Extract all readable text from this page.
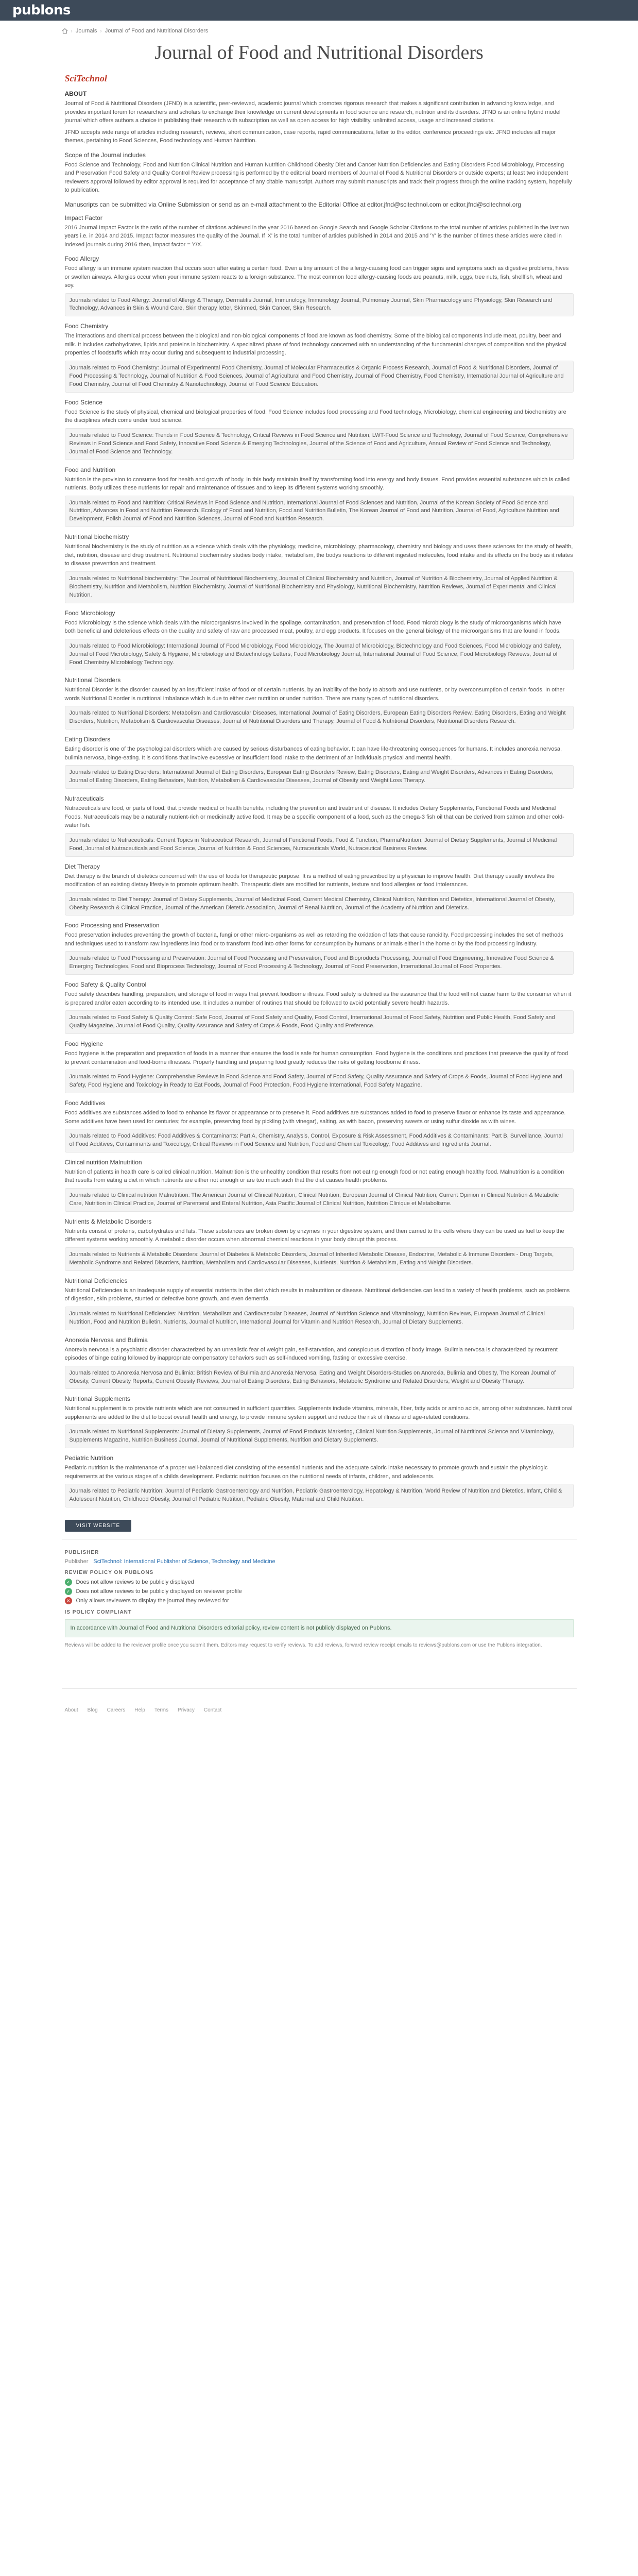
publons
› Journals › Journal of Food and Nutritional Disorders
Journal of Food and Nutritional Disorders
SciTechnol
ABOUT

Journal of Food & Nutritional Disorders (JFND) is a scientific, peer-reviewed, academic journal which promotes rigorous research that makes a significant contribution in advancing knowledge, and provides important forum for researchers and scholars to exchange their knowledge on current developments in food science and research, nutrition and its disorders. JFND is an online hybrid model journal which offers authors a choice in publishing their research with subscription as well as open access for high visibility, unlimited access, usage and increased citations.

JFND accepts wide range of articles including research, reviews, short communication, case reports, rapid communications, letter to the editor, conference proceedings etc. JFND includes all major themes, pertaining to Food Sciences, Food technology and Human Nutrition.

Scope of the Journal includes

Food Science and Technology, Food and Nutrition Clinical Nutrition and Human Nutrition Childhood Obesity Diet and Cancer Nutrition Deficiencies and Eating Disorders Food Microbiology, Processing and Preservation Food Safety and Quality Control Review processing is performed by the editorial board members of Journal of Food & Nutritional Disorders or outside experts; at least two independent reviewers approval followed by editor approval is required for acceptance of any citable manuscript. Authors may submit manuscripts and track their progress through the online tracking system, hopefully to publication.

Manuscripts can be submitted via Online Submission or send as an e-mail attachment to the Editorial Office at editor.jfnd@scitechnol.com or editor.jfnd@scitechnol.org
Impact Factor

2016 Journal Impact Factor is the ratio of the number of citations achieved in the year 2016 based on Google Search and Google Scholar Citations to the total number of articles published in the last two years i.e. in 2014 and 2015. Impact factor measures the quality of the Journal. If 'X' is the total number of articles published in 2014 and 2015 and 'Y' is the number of times these articles were cited in indexed journals during 2016 then, impact factor = Y/X.

Food Allergy

Food allergy is an immune system reaction that occurs soon after eating a certain food. Even a tiny amount of the allergy-causing food can trigger signs and symptoms such as digestive problems, hives or swollen airways. Allergies occur when your immune system reacts to a foreign substance. The most common food allergy-causing foods are peanuts, milk, eggs, tree nuts, fish, shellfish, wheat and soy.

Journals related to Food Allergy: Journal of Allergy & Therapy, Dermatitis Journal, Immunology, Immunology Journal, Pulmonary Journal, Skin Pharmacology and Physiology, Skin Research and Technology, Advances in Skin & Wound Care, Skin therapy letter, Skinmed, Skin Cancer, Skin Research.
Food Chemistry

The interactions and chemical process between the biological and non-biological components of food are known as food chemistry. Some of the biological components include meat, poultry, beer and milk. It includes carbohydrates, lipids and proteins in biochemistry. A specialized phase of food technology concerned with an understanding of the fundamental changes of composition and the physical properties of foodstuffs which may occur during and subsequent to industrial processing.

Journals related to Food Chemistry: Journal of Experimental Food Chemistry, Journal of Molecular Pharmaceutics & Organic Process Research, Journal of Food & Nutritional Disorders, Journal of Food Processing & Technology, Journal of Nutrition & Food Sciences, Journal of Agricultural and Food Chemistry, Journal of Food Chemistry, Food Chemistry, International Journal of Agriculture and Food Chemistry, Journal of Food Chemistry & Nanotechnology, Journal of Food Science Education.
Food Science

Food Science is the study of physical, chemical and biological properties of food. Food Science includes food processing and Food technology, Microbiology, chemical engineering and biochemistry are the disciplines which come under food science.

Journals related to Food Science: Trends in Food Science & Technology, Critical Reviews in Food Science and Nutrition, LWT-Food Science and Technology, Journal of Food Science, Comprehensive Reviews in Food Science and Food Safety, Innovative Food Science & Emerging Technologies, Journal of the Science of Food and Agriculture, Annual Review of Food Science and Technology, Journal of Food Science and Technology.
Food and Nutrition

Nutrition is the provision to consume food for health and growth of body. In this body maintain itself by transforming food into energy and body tissues. Food provides essential substances which is called nutrients. Body utilizes these nutrients for repair and maintenance of tissues and to keep its different systems working smoothly.

Journals related to Food and Nutrition: Critical Reviews in Food Science and Nutrition, International Journal of Food Sciences and Nutrition, Journal of the Korean Society of Food Science and Nutrition, Advances in Food and Nutrition Research, Ecology of Food and Nutrition, Food and Nutrition Bulletin, The Korean Journal of Food and Nutrition, Journal of Food, Agriculture Nutrition and Development, Polish Journal of Food and Nutrition Sciences, Journal of Food and Nutrition Research.
Nutritional biochemistry

Nutritional biochemistry is the study of nutrition as a science which deals with the physiology, medicine, microbiology, pharmacology, chemistry and biology and uses these sciences for the study of health, diet, nutrition, disease and drug treatment. Nutritional biochemistry studies body intake, metabolism, the bodys reactions to different ingested molecules, food intake and its effects on the body as it relates to disease prevention and treatment.

Journals related to Nutritional biochemistry: The Journal of Nutritional Biochemistry, Journal of Clinical Biochemistry and Nutrition, Journal of Nutrition & Biochemistry, Journal of Applied Nutrition & Biochemistry, Nutrition and Metabolism, Nutrition Biochemistry, Journal of Nutritional Biochemistry and Physiology, Nutritional Biochemistry, Nutrition Reviews, Journal of Experimental and Clinical Nutrition.
Food Microbiology

Food Microbiology is the science which deals with the microorganisms involved in the spoilage, contamination, and preservation of food. Food microbiology is the study of microorganisms which have both beneficial and deleterious effects on the quality and safety of raw and processed meat, poultry, and egg products. It focuses on the general biology of the microorganisms that are found in foods.

Journals related to Food Microbiology: International Journal of Food Microbiology, Food Microbiology, The Journal of Microbiology, Biotechnology and Food Sciences, Food Microbiology and Safety, Journal of Food Microbiology, Safety & Hygiene, Microbiology and Biotechnology Letters, Food Microbiology Journal, International Journal of Food Science, Food Microbiology Reviews, Journal of Food Chemistry Microbiology Technology.
Nutritional Disorders

Nutritional Disorder is the disorder caused by an insufficient intake of food or of certain nutrients, by an inability of the body to absorb and use nutrients, or by overconsumption of certain foods. In other words Nutritional Disorder is nutritional imbalance which is due to either over nutrition or under nutrition. There are many types of nutritional disorders.

Journals related to Nutritional Disorders: Metabolism and Cardiovascular Diseases, International Journal of Eating Disorders, European Eating Disorders Review, Eating Disorders, Eating and Weight Disorders, Nutrition, Metabolism & Cardiovascular Diseases, Journal of Nutritional Disorders and Therapy, Journal of Food & Nutritional Disorders, Nutritional Disorders Research.
Eating Disorders

Eating disorder is one of the psychological disorders which are caused by serious disturbances of eating behavior. It can have life-threatening consequences for humans. It includes anorexia nervosa, bulimia nervosa, binge-eating. It is conditions that involve excessive or insufficient food intake to the detriment of an individuals physical and mental health.

Journals related to Eating Disorders: International Journal of Eating Disorders, European Eating Disorders Review, Eating Disorders, Eating and Weight Disorders, Advances in Eating Disorders, Journal of Eating Disorders, Eating Behaviors, Nutrition, Metabolism & Cardiovascular Diseases, Journal of Obesity and Weight Loss Therapy.
Nutraceuticals

Nutraceuticals are food, or parts of food, that provide medical or health benefits, including the prevention and treatment of disease. It includes Dietary Supplements, Functional Foods and Medicinal Foods. Nutraceuticals may be a naturally nutrient-rich or medicinally active food. It may be a specific component of a food, such as the omega-3 fish oil that can be derived from salmon and other cold-water fish.

Journals related to Nutraceuticals: Current Topics in Nutraceutical Research, Journal of Functional Foods, Food & Function, PharmaNutrition, Journal of Dietary Supplements, Journal of Medicinal Food, Journal of Nutraceuticals and Food Science, Journal of Nutrition & Food Sciences, Nutraceuticals World, Nutraceutical Business Review.
Diet Therapy

Diet therapy is the branch of dietetics concerned with the use of foods for therapeutic purpose. It is a method of eating prescribed by a physician to improve health. Diet therapy usually involves the modification of an existing dietary lifestyle to promote optimum health. Therapeutic diets are modified for nutrients, texture and food allergies or food intolerances.

Journals related to Diet Therapy: Journal of Dietary Supplements, Journal of Medicinal Food, Current Medical Chemistry, Clinical Nutrition, Nutrition and Dietetics, International Journal of Obesity, Obesity Research & Clinical Practice, Journal of the American Dietetic Association, Journal of Renal Nutrition, Journal of the Academy of Nutrition and Dietetics.
Food Processing and Preservation

Food preservation includes preventing the growth of bacteria, fungi or other micro-organisms as well as retarding the oxidation of fats that cause rancidity. Food processing includes the set of methods and techniques used to transform raw ingredients into food or to transform food into other forms for consumption by humans or animals either in the home or by the food processing industry.

Journals related to Food Processing and Preservation: Journal of Food Processing and Preservation, Food and Bioproducts Processing, Journal of Food Engineering, Innovative Food Science & Emerging Technologies, Food and Bioprocess Technology, Journal of Food Processing & Technology, Journal of Food Preservation, International Journal of Food Properties.
Food Safety & Quality Control

Food safety describes handling, preparation, and storage of food in ways that prevent foodborne illness. Food safety is defined as the assurance that the food will not cause harm to the consumer when it is prepared and/or eaten according to its intended use. It includes a number of routines that should be followed to avoid potentially severe health hazards.

Journals related to Food Safety & Quality Control: Safe Food, Journal of Food Safety and Quality, Food Control, International Journal of Food Safety, Nutrition and Public Health, Food Safety and Quality Magazine, Journal of Food Quality, Quality Assurance and Safety of Crops & Foods, Food Quality and Preference.
Food Hygiene

Food hygiene is the preparation and preparation of foods in a manner that ensures the food is safe for human consumption. Food hygiene is the conditions and practices that preserve the quality of food to prevent contamination and food-borne illnesses. Properly handling and preparing food greatly reduces the risks of getting foodborne illness.

Journals related to Food Hygiene: Comprehensive Reviews in Food Science and Food Safety, Journal of Food Safety, Quality Assurance and Safety of Crops & Foods, Journal of Food Hygiene and Safety, Food Hygiene and Toxicology in Ready to Eat Foods, Journal of Food Protection, Food Hygiene International, Food Safety Magazine.
Food Additives

Food additives are substances added to food to enhance its flavor or appearance or to preserve it. Food additives are substances added to food to preserve flavor or enhance its taste and appearance. Some additives have been used for centuries; for example, preserving food by pickling (with vinegar), salting, as with bacon, preserving sweets or using sulfur dioxide as with wines.

Journals related to Food Additives: Food Additives & Contaminants: Part A, Chemistry, Analysis, Control, Exposure & Risk Assessment, Food Additives & Contaminants: Part B, Surveillance, Journal of Food Additives, Contaminants and Toxicology, Critical Reviews in Food Science and Nutrition, Food and Chemical Toxicology, Food Additives and Ingredients Journal.
Clinical nutrition Malnutrition

Nutrition of patients in health care is called clinical nutrition. Malnutrition is the unhealthy condition that results from not eating enough food or not eating enough healthy food. Malnutrition is a condition that results from eating a diet in which nutrients are either not enough or are too much such that the diet causes health problems.

Journals related to Clinical nutrition Malnutrition: The American Journal of Clinical Nutrition, Clinical Nutrition, European Journal of Clinical Nutrition, Current Opinion in Clinical Nutrition & Metabolic Care, Nutrition in Clinical Practice, Journal of Parenteral and Enteral Nutrition, Asia Pacific Journal of Clinical Nutrition, Nutrition Clinique et Metabolisme.
Nutrients & Metabolic Disorders

Nutrients consist of proteins, carbohydrates and fats. These substances are broken down by enzymes in your digestive system, and then carried to the cells where they can be used as fuel to keep the different systems working smoothly. A metabolic disorder occurs when abnormal chemical reactions in your body disrupt this process.

Journals related to Nutrients & Metabolic Disorders: Journal of Diabetes & Metabolic Disorders, Journal of Inherited Metabolic Disease, Endocrine, Metabolic & Immune Disorders - Drug Targets, Metabolic Syndrome and Related Disorders, Nutrition, Metabolism and Cardiovascular Diseases, Nutrients, Nutrition & Metabolism, Eating and Weight Disorders.
Nutritional Deficiencies

Nutritional Deficiencies is an inadequate supply of essential nutrients in the diet which results in malnutrition or disease. Nutritional deficiencies can lead to a variety of health problems, such as problems of digestion, skin problems, stunted or defective bone growth, and even dementia.

Journals related to Nutritional Deficiencies: Nutrition, Metabolism and Cardiovascular Diseases, Journal of Nutrition Science and Vitaminology, Nutrition Reviews, European Journal of Clinical Nutrition, Food and Nutrition Bulletin, Nutrients, Journal of Nutrition, International Journal for Vitamin and Nutrition Research, Journal of Dietary Supplements.
Anorexia Nervosa and Bulimia

Anorexia nervosa is a psychiatric disorder characterized by an unrealistic fear of weight gain, self-starvation, and conspicuous distortion of body image. Bulimia nervosa is characterized by recurrent episodes of binge eating followed by inappropriate compensatory behaviors such as self-induced vomiting, fasting or excessive exercise.

Journals related to Anorexia Nervosa and Bulimia: British Review of Bulimia and Anorexia Nervosa, Eating and Weight Disorders-Studies on Anorexia, Bulimia and Obesity, The Korean Journal of Obesity, Current Obesity Reports, Current Obesity Reviews, Journal of Eating Disorders, Eating Behaviors, Metabolic Syndrome and Related Disorders, Weight and Obesity Therapy.
Nutritional Supplements

Nutritional supplement is to provide nutrients which are not consumed in sufficient quantities. Supplements include vitamins, minerals, fiber, fatty acids or amino acids, among other substances. Nutritional supplements are added to the diet to boost overall health and energy, to provide immune system support and reduce the risk of illness and age-related conditions.

Journals related to Nutritional Supplements: Journal of Dietary Supplements, Journal of Food Products Marketing, Clinical Nutrition Supplements, Journal of Nutritional Science and Vitaminology, Supplements Magazine, Nutrition Business Journal, Journal of Nutritional Supplements, Nutrition and Dietary Supplements.
Pediatric Nutrition

Pediatric nutrition is the maintenance of a proper well-balanced diet consisting of the essential nutrients and the adequate caloric intake necessary to promote growth and sustain the physiologic requirements at the various stages of a childs development. Pediatric nutrition focuses on the nutritional needs of infants, children, and adolescents.

Journals related to Pediatric Nutrition: Journal of Pediatric Gastroenterology and Nutrition, Pediatric Gastroenterology, Hepatology & Nutrition, World Review of Nutrition and Dietetics, Infant, Child & Adolescent Nutrition, Childhood Obesity, Journal of Pediatric Nutrition, Pediatric Obesity, Maternal and Child Nutrition.
VISIT WEBSITE
PUBLISHER
Publisher SciTechnol: International Publisher of Science, Technology and Medicine
REVIEW POLICY ON PUBLONS
✓ Does not allow reviews to be publicly displayed
✓ Does not allow reviews to be publicly displayed on reviewer profile
✕ Only allows reviewers to display the journal they reviewed for
IS POLICY COMPLIANT
In accordance with Journal of Food and Nutritional Disorders editorial policy, review content is not publicly displayed on Publons.
Reviews will be added to the reviewer profile once you submit them. Editors may request to verify reviews. To add reviews, forward review receipt emails to reviews@publons.com or use the Publons integration.
About Blog Careers Help Terms Privacy Contact
